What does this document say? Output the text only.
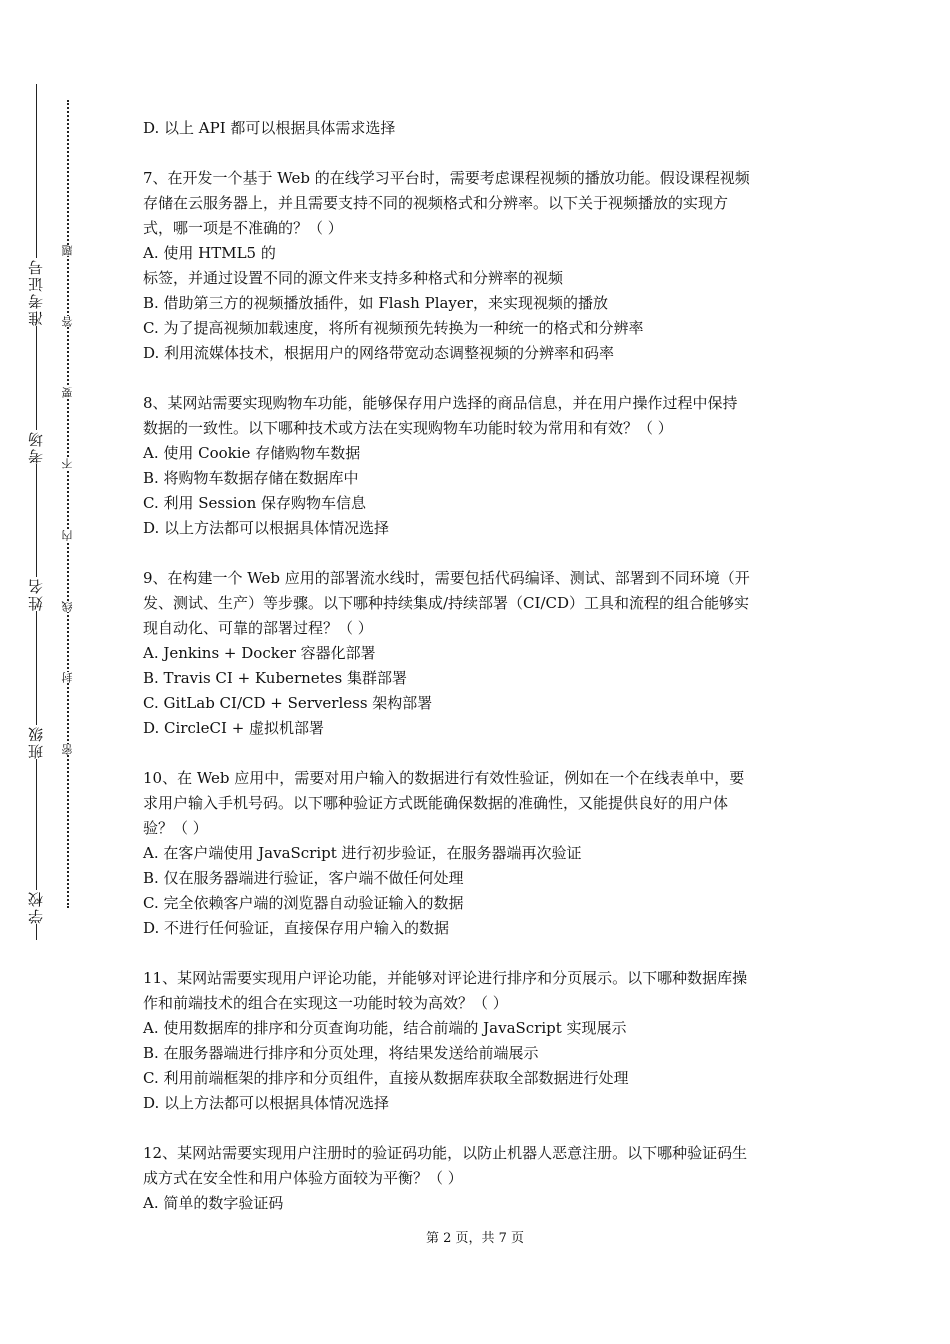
准考证号
考场
姓名
班级
学校
题
答
要
不
内
线
封
密
D. 以上 API 都可以根据具体需求选择
7、在开发一个基于 Web 的在线学习平台时，需要考虑课程视频的播放功能。假设课程视频
存储在云服务器上，并且需要支持不同的视频格式和分辨率。以下关于视频播放的实现方
式，哪一项是不准确的？（ ）
A. 使用 HTML5 的
标签，并通过设置不同的源文件来支持多种格式和分辨率的视频
B. 借助第三方的视频播放插件，如 Flash Player，来实现视频的播放
C. 为了提高视频加载速度，将所有视频预先转换为一种统一的格式和分辨率
D. 利用流媒体技术，根据用户的网络带宽动态调整视频的分辨率和码率
8、某网站需要实现购物车功能，能够保存用户选择的商品信息，并在用户操作过程中保持
数据的一致性。以下哪种技术或方法在实现购物车功能时较为常用和有效？（ ）
A. 使用 Cookie 存储购物车数据
B. 将购物车数据存储在数据库中
C. 利用 Session 保存购物车信息
D. 以上方法都可以根据具体情况选择
9、在构建一个 Web 应用的部署流水线时，需要包括代码编译、测试、部署到不同环境（开
发、测试、生产）等步骤。以下哪种持续集成/持续部署（CI/CD）工具和流程的组合能够实
现自动化、可靠的部署过程？（ ）
A. Jenkins + Docker 容器化部署
B. Travis CI + Kubernetes 集群部署
C. GitLab CI/CD + Serverless 架构部署
D. CircleCI + 虚拟机部署
10、在 Web 应用中，需要对用户输入的数据进行有效性验证，例如在一个在线表单中，要
求用户输入手机号码。以下哪种验证方式既能确保数据的准确性，又能提供良好的用户体
验？（ ）
A. 在客户端使用 JavaScript 进行初步验证，在服务器端再次验证
B. 仅在服务器端进行验证，客户端不做任何处理
C. 完全依赖客户端的浏览器自动验证输入的数据
D. 不进行任何验证，直接保存用户输入的数据
11、某网站需要实现用户评论功能，并能够对评论进行排序和分页展示。以下哪种数据库操
作和前端技术的组合在实现这一功能时较为高效？（ ）
A. 使用数据库的排序和分页查询功能，结合前端的 JavaScript 实现展示
B. 在服务器端进行排序和分页处理，将结果发送给前端展示
C. 利用前端框架的排序和分页组件，直接从数据库获取全部数据进行处理
D. 以上方法都可以根据具体情况选择
12、某网站需要实现用户注册时的验证码功能，以防止机器人恶意注册。以下哪种验证码生
成方式在安全性和用户体验方面较为平衡？（ ）
A. 简单的数字验证码
第 2 页，共 7 页
